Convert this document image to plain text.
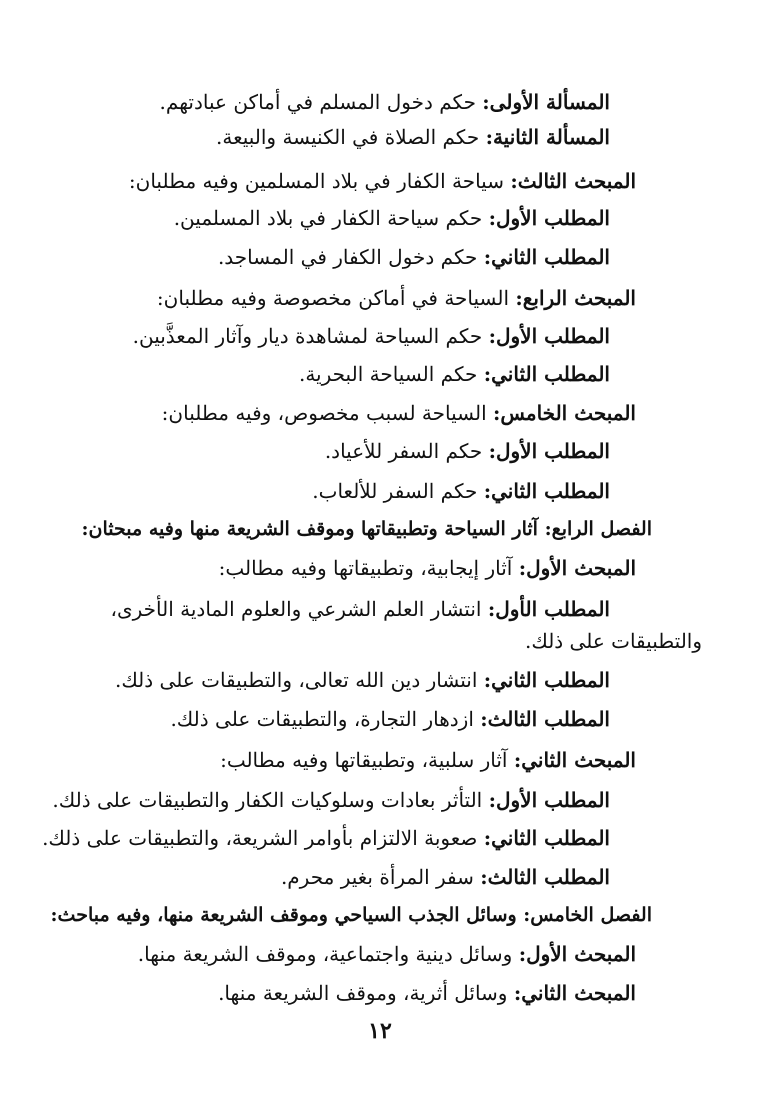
المسألة الأولى: حكم دخول المسلم في أماكن عبادتهم.
المسألة الثانية: حكم الصلاة في الكنيسة والبيعة.
المبحث الثالث: سياحة الكفار في بلاد المسلمين وفيه مطلبان:
المطلب الأول: حكم سياحة الكفار في بلاد المسلمين.
المطلب الثاني: حكم دخول الكفار في المساجد.
المبحث الرابع: السياحة في أماكن مخصوصة وفيه مطلبان:
المطلب الأول: حكم السياحة لمشاهدة ديار وآثار المعذَّبين.
المطلب الثاني: حكم السياحة البحرية.
المبحث الخامس: السياحة لسبب مخصوص، وفيه مطلبان:
المطلب الأول: حكم السفر للأعياد.
المطلب الثاني: حكم السفر للألعاب.
الفصل الرابع: آثار السياحة وتطبيقاتها وموقف الشريعة منها وفيه مبحثان:
المبحث الأول: آثار إيجابية، وتطبيقاتها وفيه مطالب:
المطلب الأول: انتشار العلم الشرعي والعلوم المادية الأخرى،
والتطبيقات على ذلك.
المطلب الثاني: انتشار دين الله تعالى، والتطبيقات على ذلك.
المطلب الثالث: ازدهار التجارة، والتطبيقات على ذلك.
المبحث الثاني: آثار سلبية، وتطبيقاتها وفيه مطالب:
المطلب الأول: التأثر بعادات وسلوكيات الكفار والتطبيقات على ذلك.
المطلب الثاني: صعوبة الالتزام بأوامر الشريعة، والتطبيقات على ذلك.
المطلب الثالث: سفر المرأة بغير محرم.
الفصل الخامس: وسائل الجذب السياحي وموقف الشريعة منها، وفيه مباحث:
المبحث الأول: وسائل دينية واجتماعية، وموقف الشريعة منها.
المبحث الثاني: وسائل أثرية، وموقف الشريعة منها.
١٢
